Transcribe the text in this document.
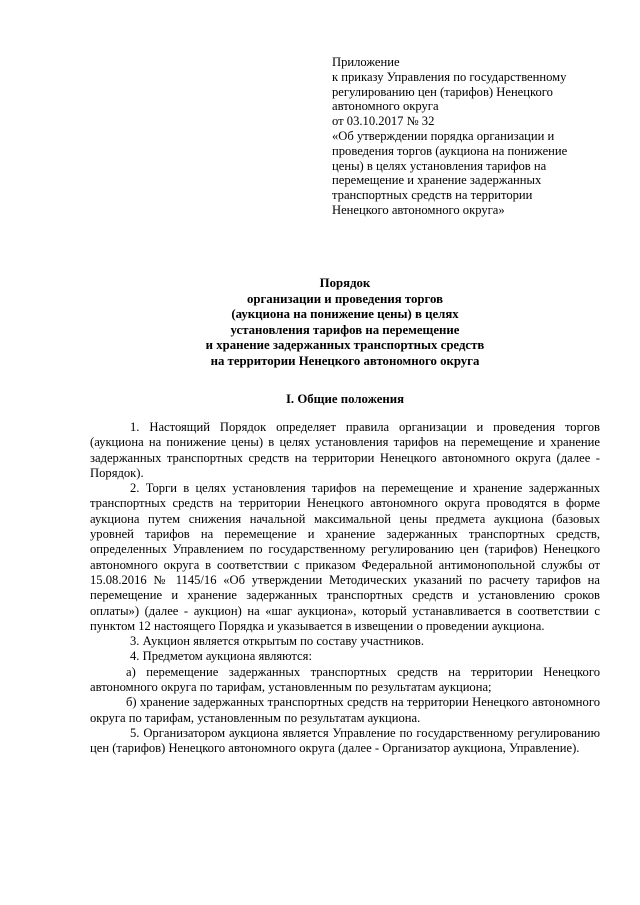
Приложение
к приказу Управления по государственному
регулированию цен (тарифов) Ненецкого
автономного округа
от 03.10.2017 № 32
«Об утверждении порядка организации и
проведения торгов (аукциона на понижение
цены) в целях установления тарифов на
перемещение и хранение задержанных
транспортных средств на территории
Ненецкого автономного округа»
Порядок
организации и проведения торгов
(аукциона на понижение цены) в целях
установления тарифов на перемещение
и хранение задержанных транспортных средств
на территории Ненецкого автономного округа
I. Общие положения

1. Настоящий Порядок определяет правила организации и проведения торгов (аукциона на понижение цены) в целях установления тарифов на перемещение и хранение задержанных транспортных средств на территории Ненецкого автономного округа (далее - Порядок).

2. Торги в целях установления тарифов на перемещение и хранение задержанных транспортных средств на территории Ненецкого автономного округа проводятся в форме аукциона путем снижения начальной максимальной цены предмета аукциона (базовых уровней тарифов на перемещение и хранение задержанных транспортных средств, определенных Управлением по государственному регулированию цен (тарифов) Ненецкого автономного округа в соответствии с приказом Федеральной антимонопольной службы от 15.08.2016 № 1145/16 «Об утверждении Методических указаний по расчету тарифов на перемещение и хранение задержанных транспортных средств и установлению сроков оплаты») (далее - аукцион) на «шаг аукциона», который устанавливается в соответствии с пунктом 12 настоящего Порядка и указывается в извещении о проведении аукциона.

3. Аукцион является открытым по составу участников.

4. Предметом аукциона являются:

а) перемещение задержанных транспортных средств на территории Ненецкого автономного округа по тарифам, установленным по результатам аукциона;

б) хранение задержанных транспортных средств на территории Ненецкого автономного округа по тарифам, установленным по результатам аукциона.

5. Организатором аукциона является Управление по государственному регулированию цен (тарифов) Ненецкого автономного округа (далее - Организатор аукциона, Управление).
